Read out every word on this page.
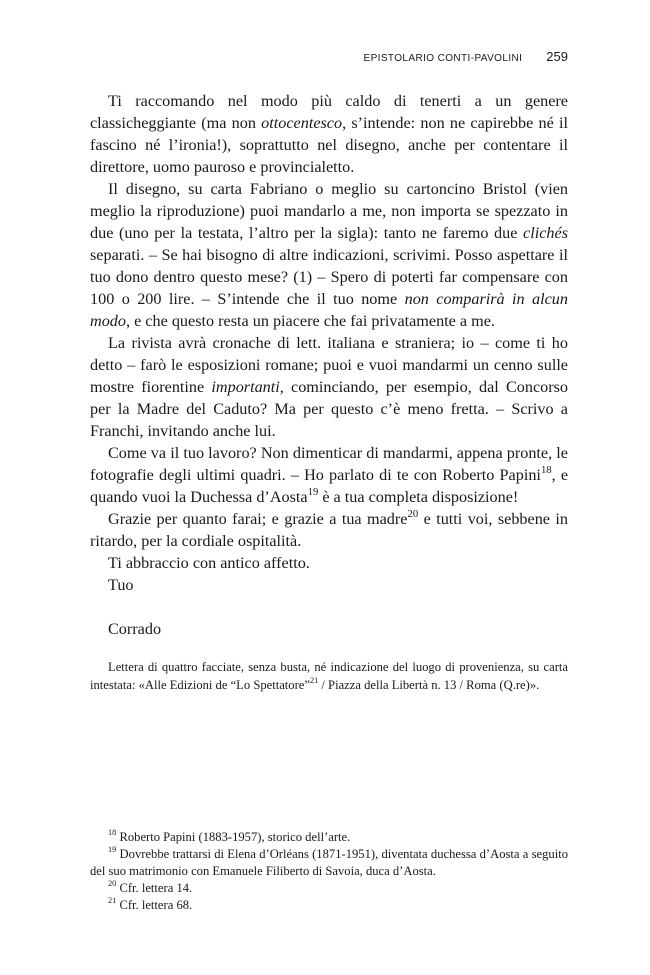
EPISTOLARIO CONTI-PAVOLINI 259

Ti raccomando nel modo più caldo di tenerti a un genere classicheggiante (ma non ottocentesco, s’intende: non ne capirebbe né il fascino né l’ironia!), soprattutto nel disegno, anche per contentare il direttore, uomo pauroso e provincialetto.

Il disegno, su carta Fabriano o meglio su cartoncino Bristol (vien meglio la riproduzione) puoi mandarlo a me, non importa se spezzato in due (uno per la testata, l’altro per la sigla): tanto ne faremo due clichés separati. – Se hai bisogno di altre indicazioni, scrivimi. Posso aspettare il tuo dono dentro questo mese? (1) – Spero di poterti far compensare con 100 o 200 lire. – S’intende che il tuo nome non comparirà in alcun modo, e che questo resta un piacere che fai privatamente a me.

La rivista avrà cronache di lett. italiana e straniera; io – come ti ho detto – farò le esposizioni romane; puoi e vuoi mandarmi un cenno sulle mostre fiorentine importanti, cominciando, per esempio, dal Concorso per la Madre del Caduto? Ma per questo c’è meno fretta. – Scrivo a Franchi, invitando anche lui.

Come va il tuo lavoro? Non dimenticar di mandarmi, appena pronte, le fotografie degli ultimi quadri. – Ho parlato di te con Roberto Papini$^{18}$, e quando vuoi la Duchessa d’Aosta$^{19}$ è a tua completa disposizione!

Grazie per quanto farai; e grazie a tua madre$^{20}$ e tutti voi, sebbene in ritardo, per la cordiale ospitalità.

Ti abbraccio con antico affetto.

Tuo

Corrado

Lettera di quattro facciate, senza busta, né indicazione del luogo di provenienza, su carta intestata: «Alle Edizioni de “Lo Spettatore”$^{21}$ / Piazza della Libertà n. 13 / Roma (Q.re)».

$^{18}$ Roberto Papini (1883-1957), storico dell’arte.

$^{19}$ Dovrebbe trattarsi di Elena d’Orléans (1871-1951), diventata duchessa d’Aosta a seguito del suo matrimonio con Emanuele Filiberto di Savoia, duca d’Aosta.

$^{20}$ Cfr. lettera 14.

$^{21}$ Cfr. lettera 68.
